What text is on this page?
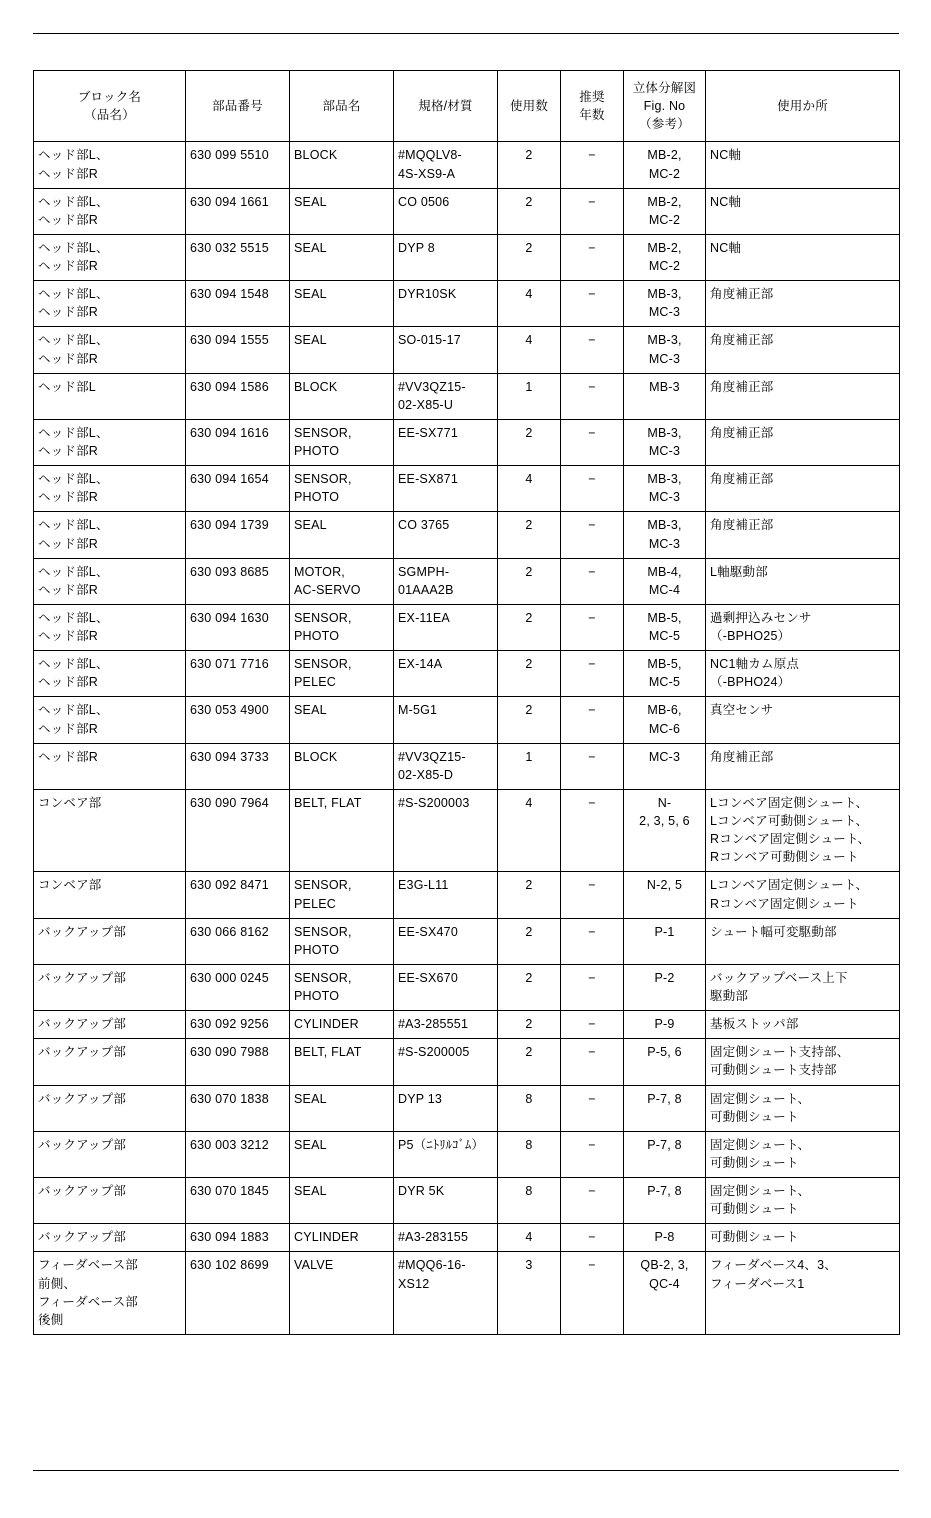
ブロック名
（品名）	部品番号	部品名	規格/材質	使用数	推奨
年数	立体分解図
Fig. No
（参考）	使用か所

ヘッド部L、
ヘッド部R	630 099 5510	BLOCK	#MQQLV8-
4S-XS9-A	2	−	MB-2,
MC-2	NC軸

ヘッド部L、
ヘッド部R	630 094 1661	SEAL	CO 0506	2	−	MB-2,
MC-2	NC軸

ヘッド部L、
ヘッド部R	630 032 5515	SEAL	DYP 8	2	−	MB-2,
MC-2	NC軸

ヘッド部L、
ヘッド部R	630 094 1548	SEAL	DYR10SK	4	−	MB-3,
MC-3	角度補正部

ヘッド部L、
ヘッド部R	630 094 1555	SEAL	SO-015-17	4	−	MB-3,
MC-3	角度補正部

ヘッド部L	630 094 1586	BLOCK	#VV3QZ15-
02-X85-U	1	−	MB-3	角度補正部

ヘッド部L、
ヘッド部R	630 094 1616	SENSOR, PHOTO	EE-SX771	2	−	MB-3,
MC-3	角度補正部

ヘッド部L、
ヘッド部R	630 094 1654	SENSOR, PHOTO	EE-SX871	4	−	MB-3,
MC-3	角度補正部

ヘッド部L、
ヘッド部R	630 094 1739	SEAL	CO 3765	2	−	MB-3,
MC-3	角度補正部

ヘッド部L、
ヘッド部R	630 093 8685	MOTOR,
AC-SERVO	SGMPH-
01AAA2B	2	−	MB-4,
MC-4	L軸駆動部

ヘッド部L、
ヘッド部R	630 094 1630	SENSOR, PHOTO	EX-11EA	2	−	MB-5,
MC-5	過剰押込みセンサ
（-BPHO25）

ヘッド部L、
ヘッド部R	630 071 7716	SENSOR, PELEC	EX-14A	2	−	MB-5,
MC-5	NC1軸カム原点
（-BPHO24）

ヘッド部L、
ヘッド部R	630 053 4900	SEAL	M-5G1	2	−	MB-6,
MC-6	真空センサ

ヘッド部R	630 094 3733	BLOCK	#VV3QZ15-
02-X85-D	1	−	MC-3	角度補正部

コンベア部	630 090 7964	BELT, FLAT	#S-S200003	4	−	N-
2, 3, 5, 6	Lコンベア固定側シュート、
Lコンベア可動側シュート、
Rコンベア固定側シュート、
Rコンベア可動側シュート

コンベア部	630 092 8471	SENSOR, PELEC	E3G-L11	2	−	N-2, 5	Lコンベア固定側シュート、
Rコンベア固定側シュート

バックアップ部	630 066 8162	SENSOR, PHOTO	EE-SX470	2	−	P-1	シュート幅可変駆動部

バックアップ部	630 000 0245	SENSOR, PHOTO	EE-SX670	2	−	P-2	バックアップベース上下
駆動部

バックアップ部	630 092 9256	CYLINDER	#A3-285551	2	−	P-9	基板ストッパ部

バックアップ部	630 090 7988	BELT, FLAT	#S-S200005	2	−	P-5, 6	固定側シュート支持部、
可動側シュート支持部

バックアップ部	630 070 1838	SEAL	DYP 13	8	−	P-7, 8	固定側シュート、
可動側シュート

バックアップ部	630 003 3212	SEAL	P5（ﾆﾄﾘﾙｺﾞﾑ）	8	−	P-7, 8	固定側シュート、
可動側シュート

バックアップ部	630 070 1845	SEAL	DYR 5K	8	−	P-7, 8	固定側シュート、
可動側シュート

バックアップ部	630 094 1883	CYLINDER	#A3-283155	4	−	P-8	可動側シュート

フィーダベース部
前側、
フィーダベース部
後側	630 102 8699	VALVE	#MQQ6-16-
XS12	3	−	QB-2, 3,
QC-4	フィーダベース4、3、
フィーダベース1
